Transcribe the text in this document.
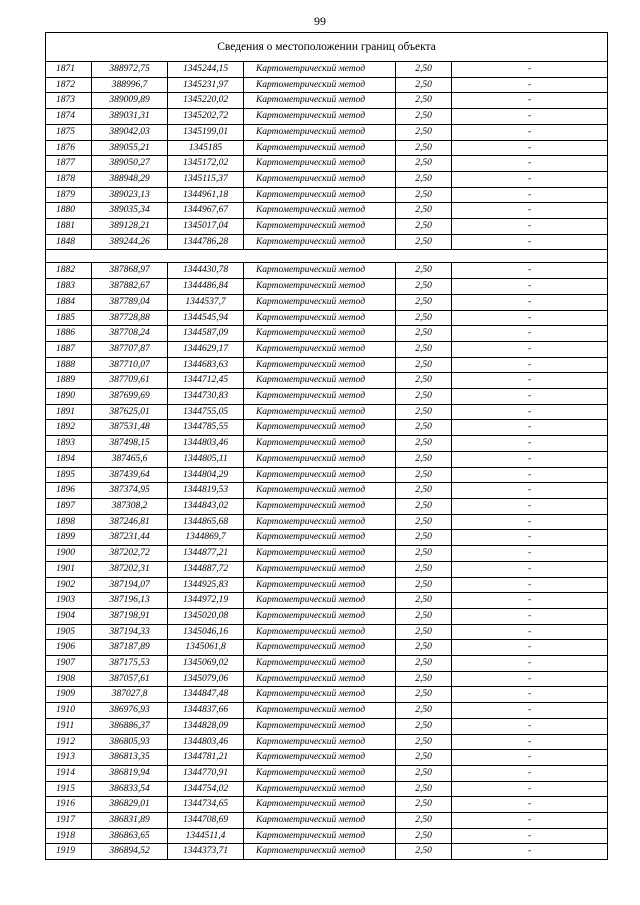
99
Сведения о местоположении границ объекта					
1871	388972,75	1345244,15	Картометрический метод	2,50	-
1872	388996,7	1345231,97	Картометрический метод	2,50	-
1873	389009,89	1345220,02	Картометрический метод	2,50	-
1874	389031,31	1345202,72	Картометрический метод	2,50	-
1875	389042,03	1345199,01	Картометрический метод	2,50	-
1876	389055,21	1345185	Картометрический метод	2,50	-
1877	389050,27	1345172,02	Картометрический метод	2,50	-
1878	388948,29	1345115,37	Картометрический метод	2,50	-
1879	389023,13	1344961,18	Картометрический метод	2,50	-
1880	389035,34	1344967,67	Картометрический метод	2,50	-
1881	389128,21	1345017,04	Картометрический метод	2,50	-
1848	389244,26	1344786,28	Картометрический метод	2,50	-

1882	387868,97	1344430,78	Картометрический метод	2,50	-
1883	387882,67	1344486,84	Картометрический метод	2,50	-
1884	387789,04	1344537,7	Картометрический метод	2,50	-
1885	387728,88	1344545,94	Картометрический метод	2,50	-
1886	387708,24	1344587,09	Картометрический метод	2,50	-
1887	387707,87	1344629,17	Картометрический метод	2,50	-
1888	387710,07	1344683,63	Картометрический метод	2,50	-
1889	387709,61	1344712,45	Картометрический метод	2,50	-
1890	387699,69	1344730,83	Картометрический метод	2,50	-
1891	387625,01	1344755,05	Картометрический метод	2,50	-
1892	387531,48	1344785,55	Картометрический метод	2,50	-
1893	387498,15	1344803,46	Картометрический метод	2,50	-
1894	387465,6	1344805,11	Картометрический метод	2,50	-
1895	387439,64	1344804,29	Картометрический метод	2,50	-
1896	387374,95	1344819,53	Картометрический метод	2,50	-
1897	387308,2	1344843,02	Картометрический метод	2,50	-
1898	387246,81	1344865,68	Картометрический метод	2,50	-
1899	387231,44	1344869,7	Картометрический метод	2,50	-
1900	387202,72	1344877,21	Картометрический метод	2,50	-
1901	387202,31	1344887,72	Картометрический метод	2,50	-
1902	387194,07	1344925,83	Картометрический метод	2,50	-
1903	387196,13	1344972,19	Картометрический метод	2,50	-
1904	387198,91	1345020,08	Картометрический метод	2,50	-
1905	387194,33	1345046,16	Картометрический метод	2,50	-
1906	387187,89	1345061,8	Картометрический метод	2,50	-
1907	387175,53	1345069,02	Картометрический метод	2,50	-
1908	387057,61	1345079,06	Картометрический метод	2,50	-
1909	387027,8	1344847,48	Картометрический метод	2,50	-
1910	386976,93	1344837,66	Картометрический метод	2,50	-
1911	386886,37	1344828,09	Картометрический метод	2,50	-
1912	386805,93	1344803,46	Картометрический метод	2,50	-
1913	386813,35	1344781,21	Картометрический метод	2,50	-
1914	386819,94	1344770,91	Картометрический метод	2,50	-
1915	386833,54	1344754,02	Картометрический метод	2,50	-
1916	386829,01	1344734,65	Картометрический метод	2,50	-
1917	386831,89	1344708,69	Картометрический метод	2,50	-
1918	386863,65	1344511,4	Картометрический метод	2,50	-
1919	386894,52	1344373,71	Картометрический метод	2,50	-
